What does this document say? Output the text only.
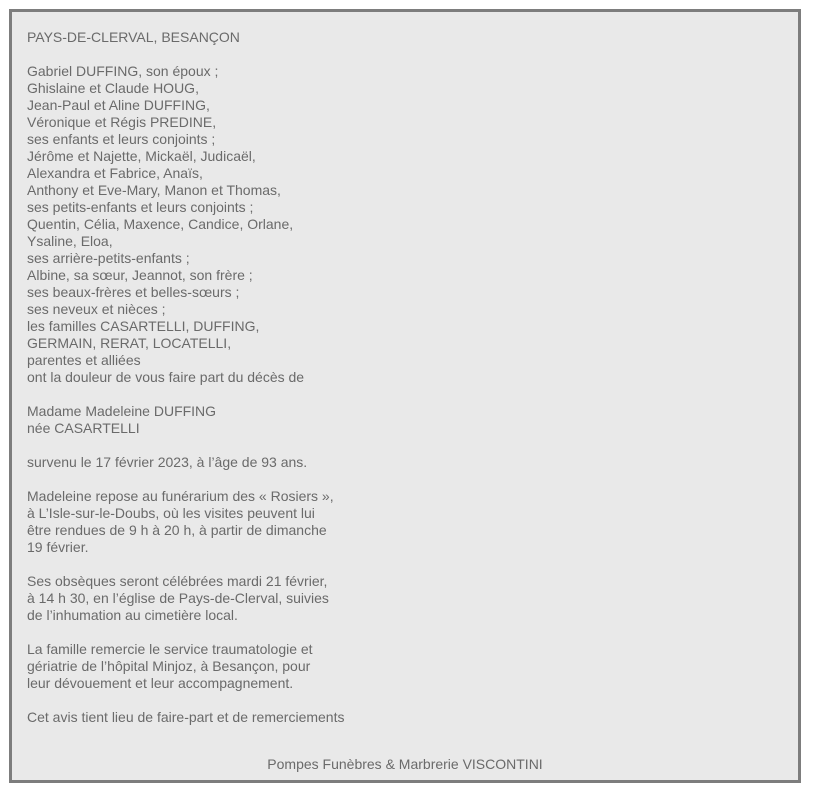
PAYS-DE-CLERVAL, BESANÇON
Gabriel DUFFING, son époux ;
Ghislaine et Claude HOUG,
Jean-Paul et Aline DUFFING,
Véronique et Régis PREDINE,
ses enfants et leurs conjoints ;
Jérôme et Najette, Mickaël, Judicaël,
Alexandra et Fabrice, Anaïs,
Anthony et Eve-Mary, Manon et Thomas,
ses petits-enfants et leurs conjoints ;
Quentin, Célia, Maxence, Candice, Orlane,
Ysaline, Eloa,
ses arrière-petits-enfants ;
Albine, sa sœur, Jeannot, son frère ;
ses beaux-frères et belles-sœurs ;
ses neveux et nièces ;
les familles CASARTELLI, DUFFING,
GERMAIN, RERAT, LOCATELLI,
parentes et alliées
ont la douleur de vous faire part du décès de
Madame Madeleine DUFFING
née CASARTELLI
survenu le 17 février 2023, à l’âge de 93 ans.
Madeleine repose au funérarium des « Rosiers »,
à L’Isle-sur-le-Doubs, où les visites peuvent lui
être rendues de 9 h à 20 h, à partir de dimanche
19 février.
Ses obsèques seront célébrées mardi 21 février,
à 14 h 30, en l’église de Pays-de-Clerval, suivies
de l’inhumation au cimetière local.
La famille remercie le service traumatologie et
gériatrie de l’hôpital Minjoz, à Besançon, pour
leur dévouement et leur accompagnement.
Cet avis tient lieu de faire-part et de remerciements
Pompes Funèbres & Marbrerie VISCONTINI
